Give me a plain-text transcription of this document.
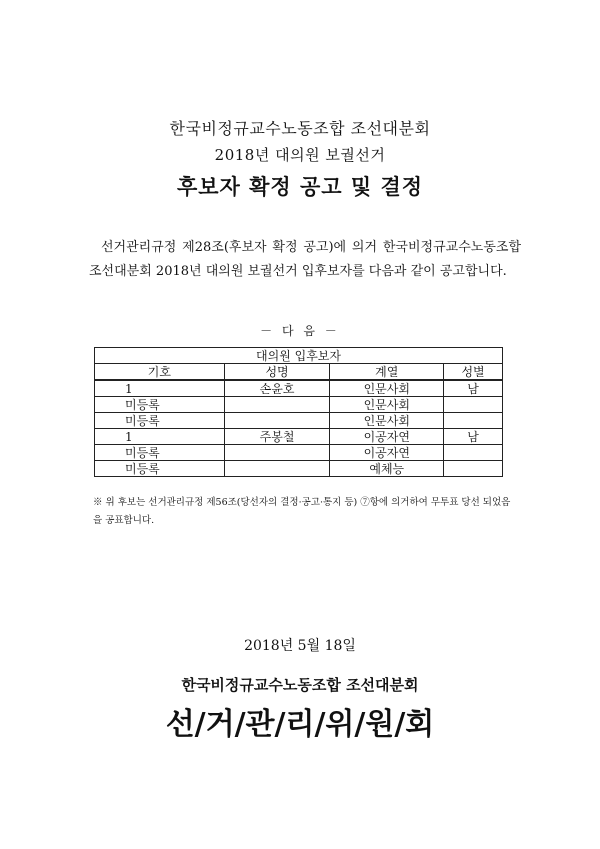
한국비정규교수노동조합 조선대분회
2018년 대의원 보궐선거
후보자 확정 공고 및 결정
선거관리규정 제28조(후보자 확정 공고)에 의거 한국비정규교수노동조합 조선대분회 2018년 대의원 보궐선거 입후보자를 다음과 같이 공고합니다.
－ 다 음 －
대의원 입후보자			
기호	성명	계열	성별
1	손윤호	인문사회	남
미등록		인문사회	
미등록		인문사회	
1	주봉철	이공자연	남
미등록		이공자연	
미등록		예체능	
※ 위 후보는 선거관리규정 제56조(당선자의 결정·공고·통지 등) ⑦항에 의거하여 무투표 당선 되었음을 공표합니다.
2018년 5월 18일
한국비정규교수노동조합 조선대분회
선/거/관/리/위/원/회
